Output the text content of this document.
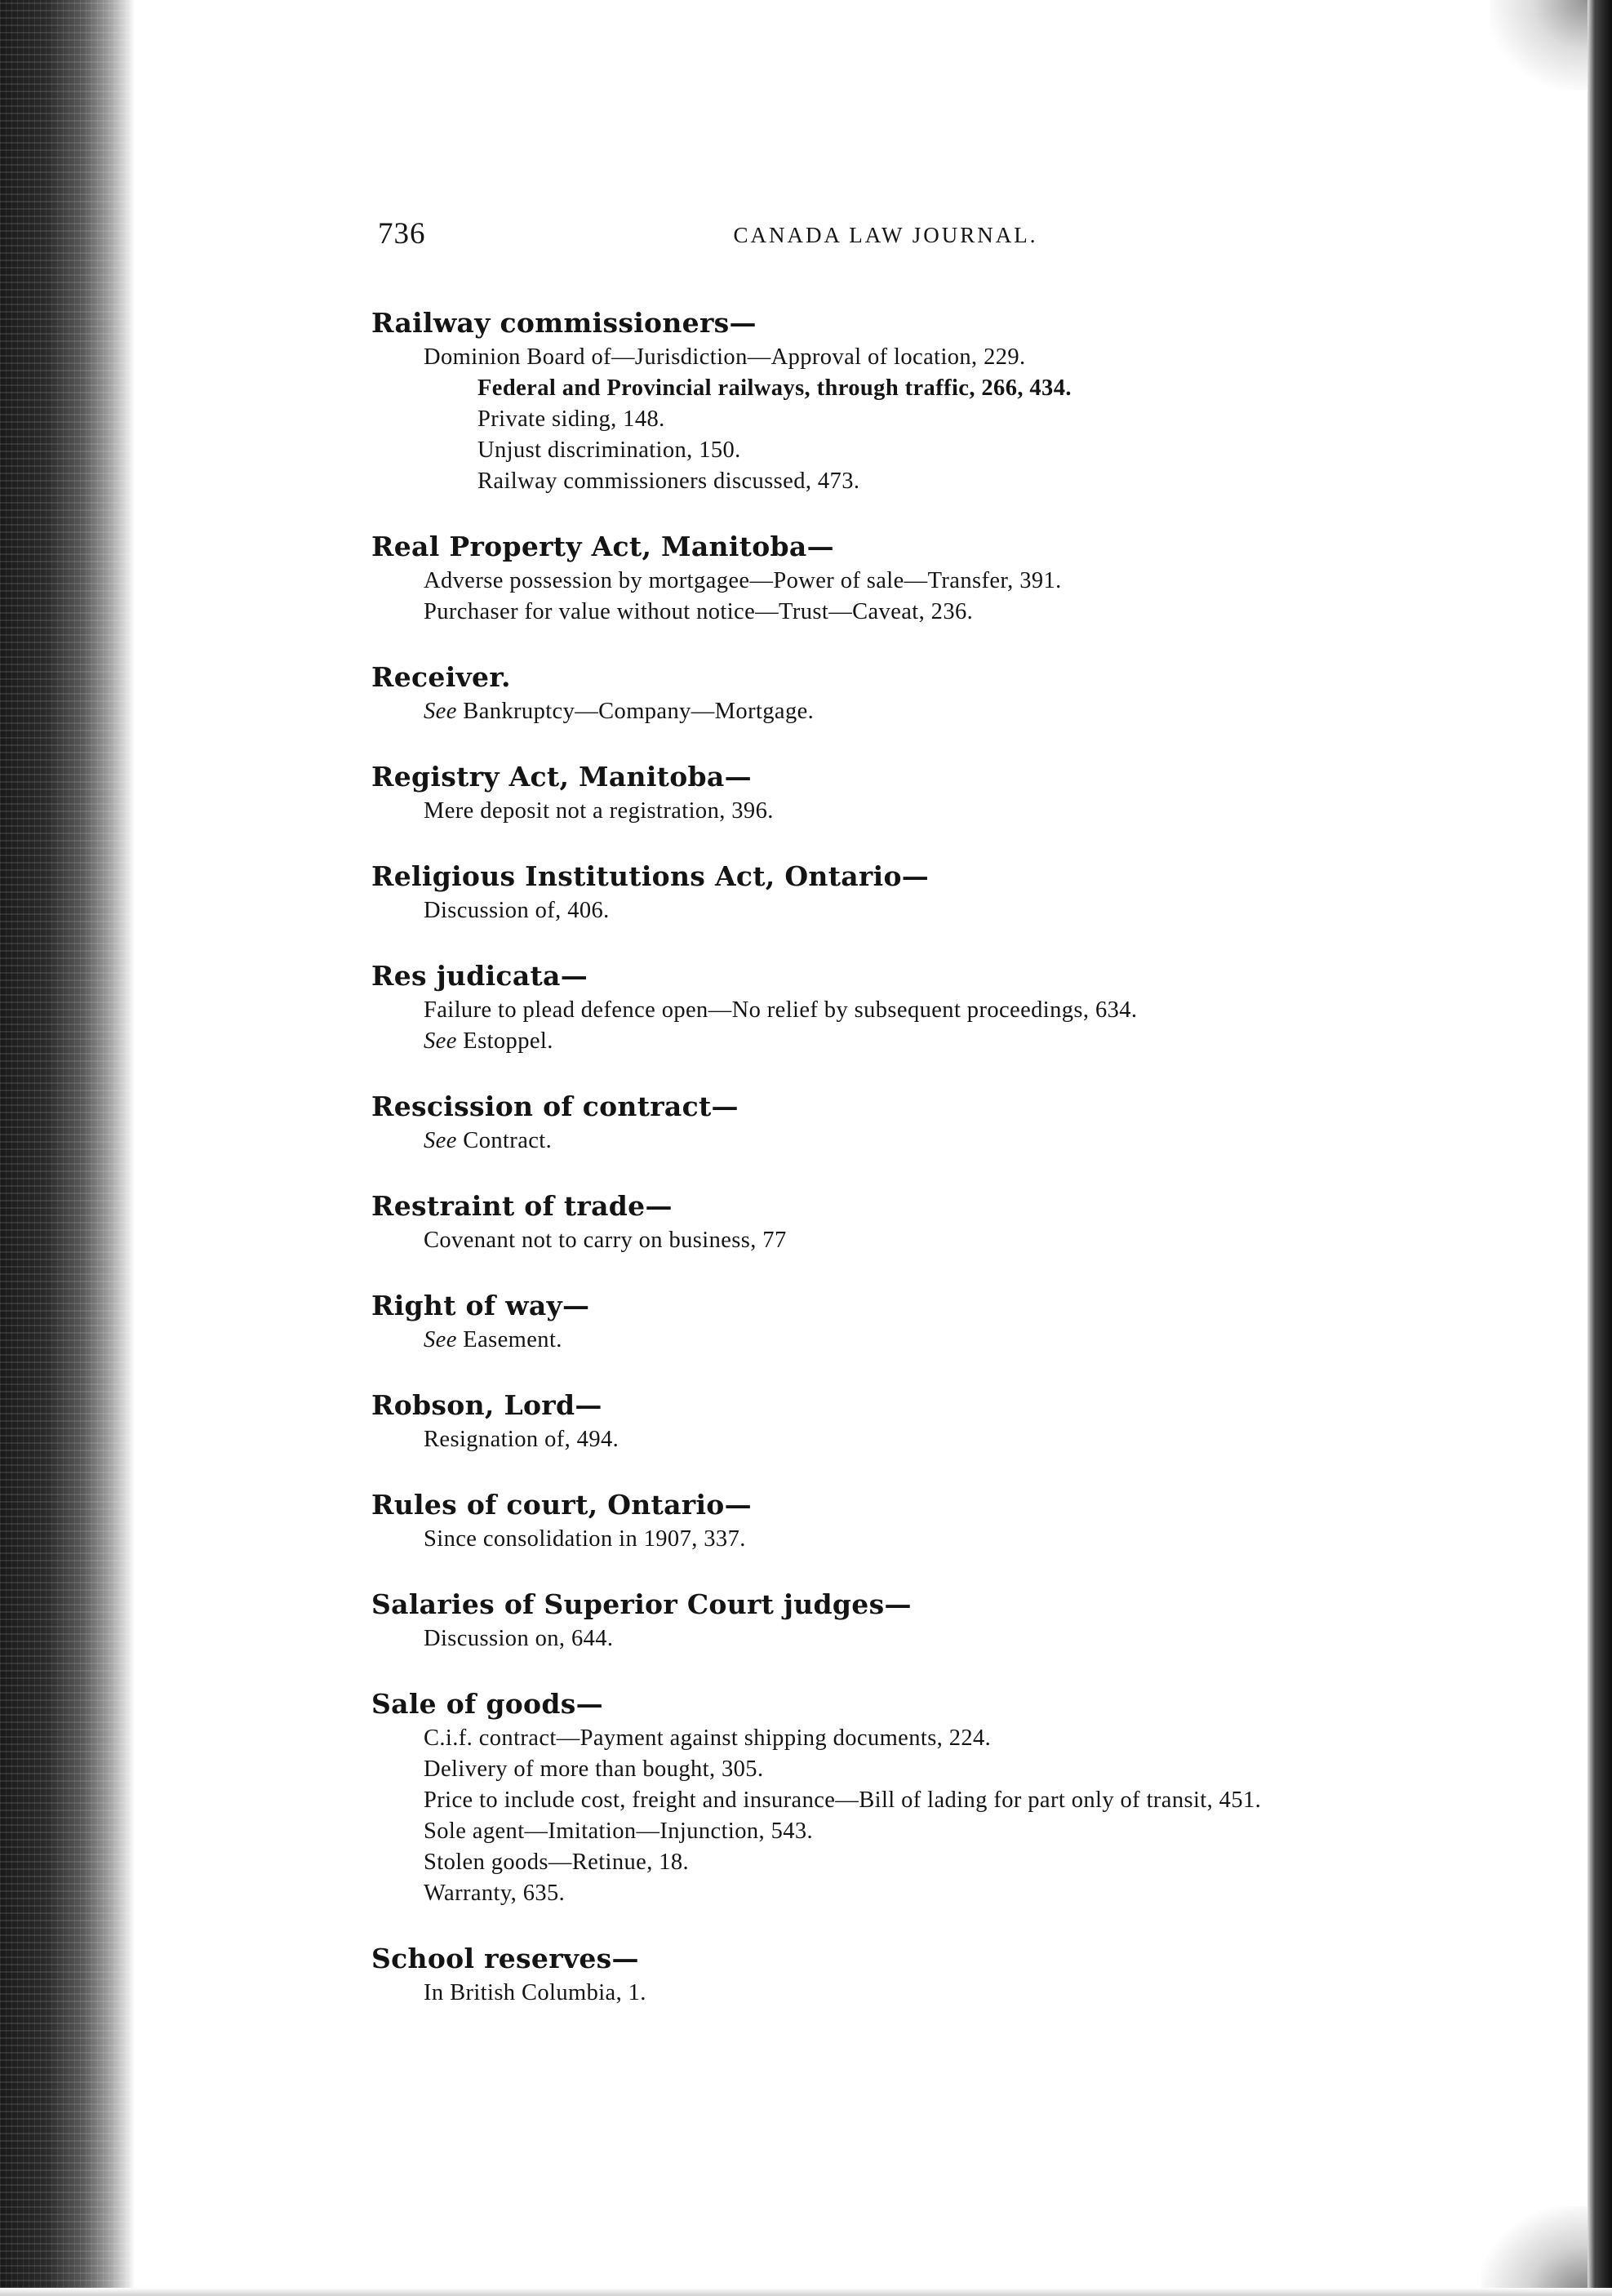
736	CANADA LAW JOURNAL.
Railway commissioners—
Dominion Board of—Jurisdiction—Approval of location, 229.
Federal and Provincial railways, through traffic, 266, 434.
Private siding, 148.
Unjust discrimination, 150.
Railway commissioners discussed, 473.
Real Property Act, Manitoba—
Adverse possession by mortgagee—Power of sale—Transfer, 391.
Purchaser for value without notice—Trust—Caveat, 236.
Receiver.
See Bankruptcy—Company—Mortgage.
Registry Act, Manitoba—
Mere deposit not a registration, 396.
Religious Institutions Act, Ontario—
Discussion of, 406.
Res judicata—
Failure to plead defence open—No relief by subsequent proceedings, 634.
See Estoppel.
Rescission of contract—
See Contract.
Restraint of trade—
Covenant not to carry on business, 77
Right of way—
See Easement.
Robson, Lord—
Resignation of, 494.
Rules of court, Ontario—
Since consolidation in 1907, 337.
Salaries of Superior Court judges—
Discussion on, 644.
Sale of goods—
C.i.f. contract—Payment against shipping documents, 224.
Delivery of more than bought, 305.
Price to include cost, freight and insurance—Bill of lading for part only of transit, 451.
Sole agent—Imitation—Injunction, 543.
Stolen goods—Retinue, 18.
Warranty, 635.
School reserves—
In British Columbia, 1.
